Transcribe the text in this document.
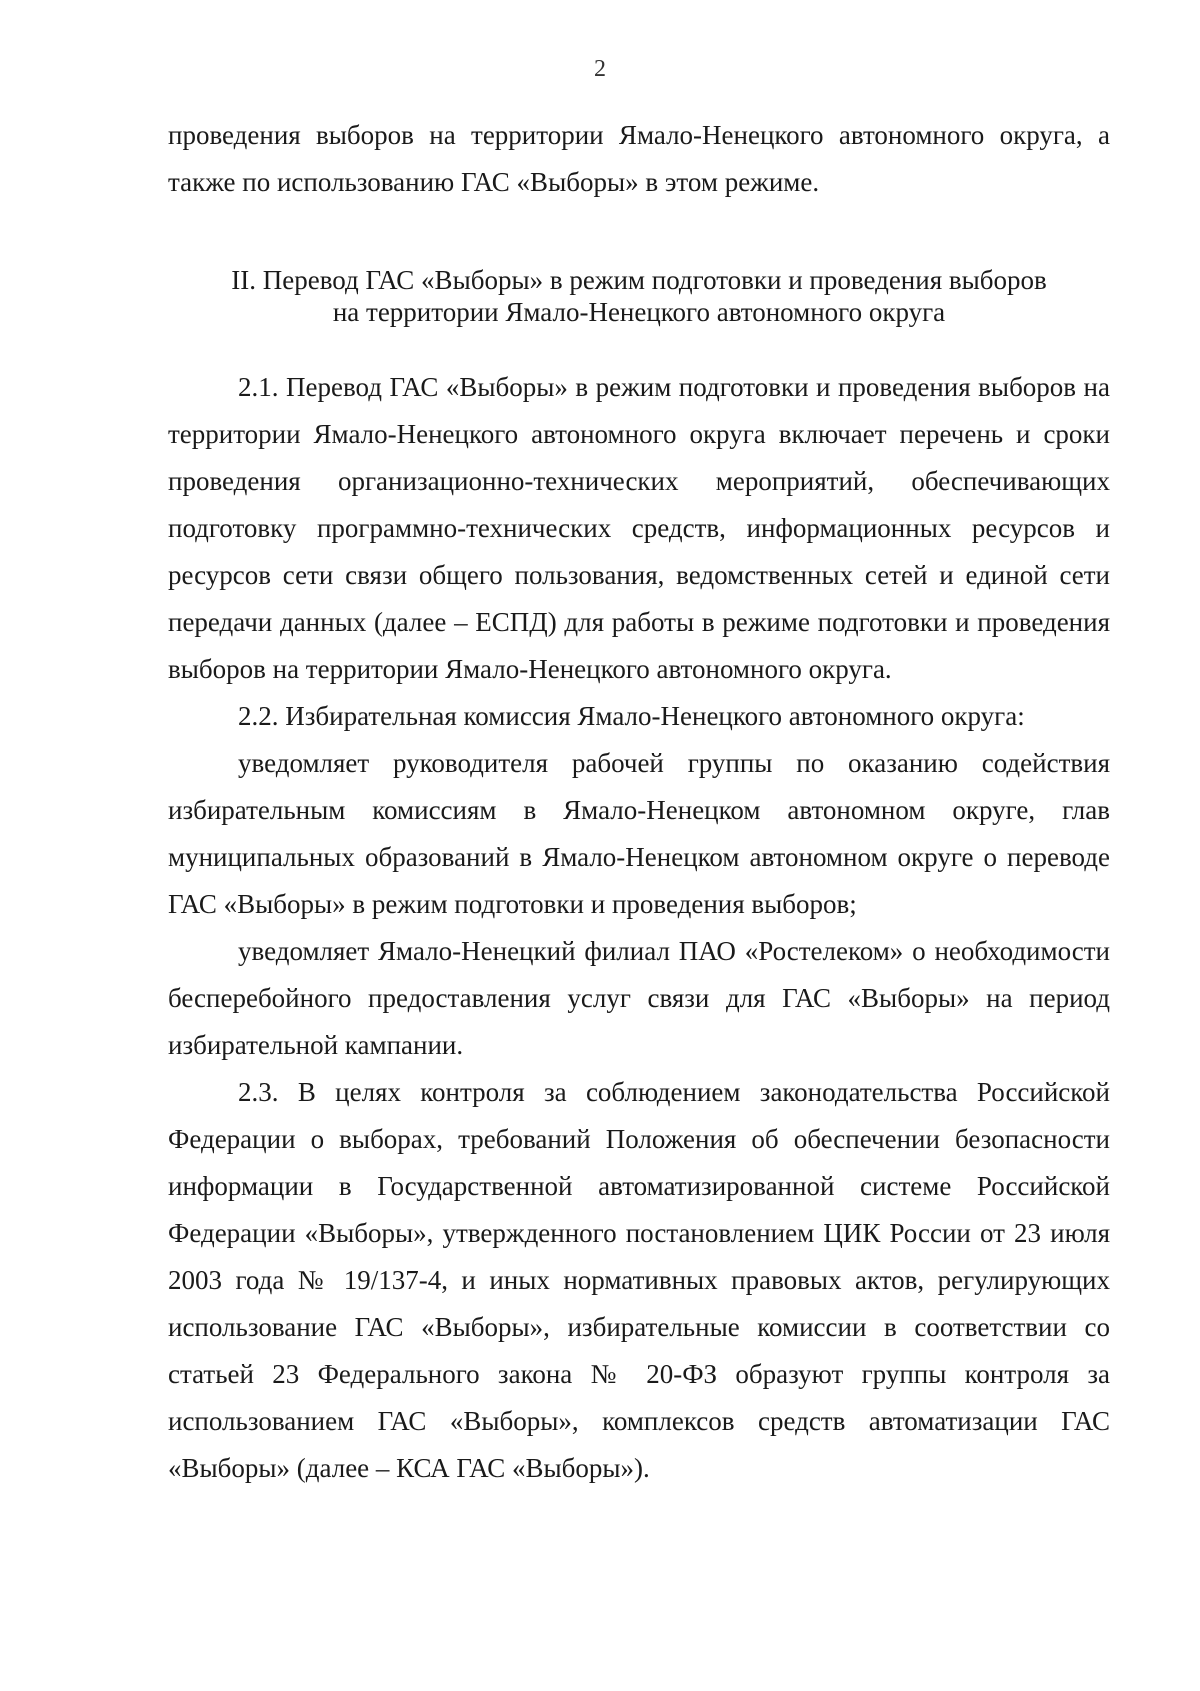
2

проведения выборов на территории Ямало-Ненецкого автономного округа, а также по использованию ГАС «Выборы» в этом режиме.

II. Перевод ГАС «Выборы» в режим подготовки и проведения выборов
на территории Ямало-Ненецкого автономного округа

2.1. Перевод ГАС «Выборы» в режим подготовки и проведения выборов на территории Ямало-Ненецкого автономного округа включает перечень и сроки проведения организационно-технических мероприятий, обеспечивающих подготовку программно-технических средств, информационных ресурсов и ресурсов сети связи общего пользования, ведомственных сетей и единой сети передачи данных (далее – ЕСПД) для работы в режиме подготовки и проведения выборов на территории Ямало-Ненецкого автономного округа.

2.2. Избирательная комиссия Ямало-Ненецкого автономного округа:

уведомляет руководителя рабочей группы по оказанию содействия избирательным комиссиям в Ямало-Ненецком автономном округе, глав муниципальных образований в Ямало-Ненецком автономном округе о переводе ГАС «Выборы» в режим подготовки и проведения выборов;

уведомляет Ямало-Ненецкий филиал ПАО «Ростелеком» о необходимости бесперебойного предоставления услуг связи для ГАС «Выборы» на период избирательной кампании.

2.3. В целях контроля за соблюдением законодательства Российской Федерации о выборах, требований Положения об обеспечении безопасности информации в Государственной автоматизированной системе Российской Федерации «Выборы», утвержденного постановлением ЦИК России от 23 июля 2003 года № 19/137-4, и иных нормативных правовых актов, регулирующих использование ГАС «Выборы», избирательные комиссии в соответствии со статьей 23 Федерального закона № 20-ФЗ образуют группы контроля за использованием ГАС «Выборы», комплексов средств автоматизации ГАС «Выборы» (далее – КСА ГАС «Выборы»).
